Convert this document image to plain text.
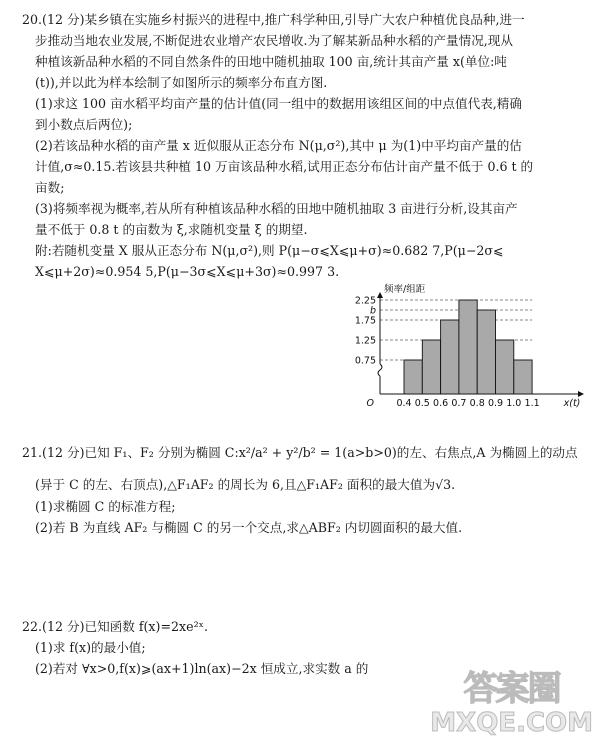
20.(12 分)某乡镇在实施乡村振兴的进程中,推广科学种田,引导广大农户种植优良品种,进一
步推动当地农业发展,不断促进农业增产农民增收.为了解某新品种水稻的产量情况,现从
种植该新品种水稻的不同自然条件的田地中随机抽取 100 亩,统计其亩产量 x(单位:吨
(t)),并以此为样本绘制了如图所示的频率分布直方图.
(1)求这 100 亩水稻平均亩产量的估计值(同一组中的数据用该组区间的中点值代表,精确
到小数点后两位);
(2)若该品种水稻的亩产量 x 近似服从正态分布 N(μ,σ²),其中 μ 为(1)中平均亩产量的估
计值,σ≈0.15.若该县共种植 10 万亩该品种水稻,试用正态分布估计亩产量不低于 0.6 t 的
亩数;
(3)将频率视为概率,若从所有种植该品种水稻的田地中随机抽取 3 亩进行分析,设其亩产
量不低于 0.8 t 的亩数为 ξ,求随机变量 ξ 的期望.
附:若随机变量 X 服从正态分布 N(μ,σ²),则 P(μ−σ⩽X⩽μ+σ)≈0.682 7,P(μ−2σ⩽
X⩽μ+2σ)≈0.954 5,P(μ−3σ⩽X⩽μ+3σ)≈0.997 3.
0.75
1.25
1.75
b
2.25
0.4 0.5 0.6 0.7 0.8 0.9 1.0 1.1
O	x(t)
频率/组距
21.(12 分)已知 F₁、F₂ 分别为椭圆 C:x²/a² + y²/b² = 1(a>b>0)的左、右焦点,A 为椭圆上的动点
(异于 C 的左、右顶点),△F₁AF₂ 的周长为 6,且△F₁AF₂ 面积的最大值为√3.
(1)求椭圆 C 的标准方程;
(2)若 B 为直线 AF₂ 与椭圆 C 的另一个交点,求△ABF₂ 内切圆面积的最大值.
22.(12 分)已知函数 f(x)=2xe²ˣ.
(1)求 f(x)的最小值;
(2)若对 ∀x>0,f(x)⩾(ax+1)ln(ax)−2x 恒成立,求实数 a 的
答案圈
MXQE.COM
